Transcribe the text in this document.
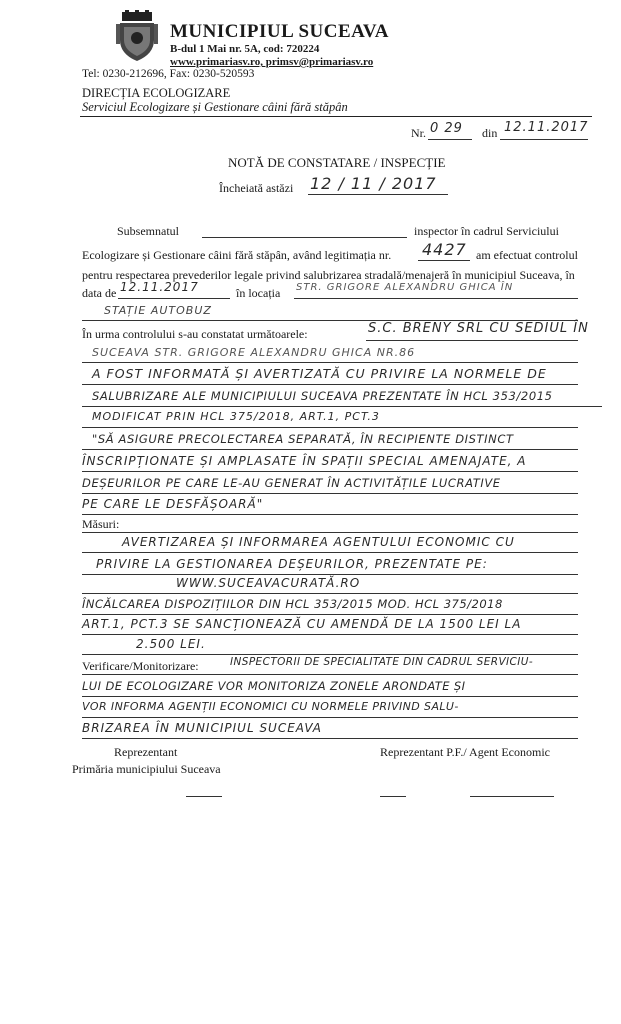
MUNICIPIUL SUCEAVA
B-dul 1 Mai nr. 5A, cod: 720224
www.primariasv.ro, primsv@primariasv.ro
Tel: 0230-212696, Fax: 0230-520593
DIRECȚIA ECOLOGIZARE
Serviciul Ecologizare și Gestionare câini fără stăpân
Nr. 0 29 din 12.11.2017
NOTĂ DE CONSTATARE / INSPECȚIE
Încheiată astăzi 12 / 11 / 2017
Subsemnatul	inspector în cadrul Serviciului
Ecologizare și Gestionare câini fără stăpân, având legitimația nr. 4427 am efectuat controlul
pentru respectarea prevederilor legale privind salubrizarea stradală/menajeră în municipiul Suceava, în
data de 12.11.2017	în locația STR. GRIGORE ALEXANDRU GHICA ÎN
STAȚIE AUTOBUZ
În urma controlului s-au constatat următoarele:	S.C. BRENY SRL CU SEDIUL ÎN
SUCEAVA STR. GRIGORE ALEXANDRU GHICA NR.86
A FOST INFORMATĂ ȘI AVERTIZATĂ CU PRIVIRE LA NORMELE DE
SALUBRIZARE ALE MUNICIPIULUI SUCEAVA PREZENTATE ÎN HCL 353/2015
MODIFICAT PRIN HCL 375/2018, ART.1, PCT.3
"SĂ ASIGURE PRECOLECTAREA SEPARATĂ, ÎN RECIPIENTE DISTINCT
ÎNSCRIPȚIONATE ȘI AMPLASATE ÎN SPAȚII SPECIAL AMENAJATE, A
DEȘEURILOR PE CARE LE-AU GENERAT ÎN ACTIVITĂȚILE LUCRATIVE
PE CARE LE DESFĂȘOARĂ"
Măsuri:
AVERTIZAREA ȘI INFORMAREA AGENTULUI ECONOMIC CU
PRIVIRE LA GESTIONAREA DEȘEURILOR, PREZENTATE PE:
WWW.SUCEAVACURATĂ.RO
ÎNCĂLCAREA DISPOZIȚIILOR DIN HCL 353/2015 MOD. HCL 375/2018
ART.1, PCT.3 SE SANCȚIONEAZĂ CU AMENDĂ DE LA 1500 LEI LA
2.500 LEI.
Verificare/Monitorizare:	INSPECTORII DE SPECIALITATE DIN CADRUL SERVICIU-
LUI DE ECOLOGIZARE VOR MONITORIZA ZONELE ARONDATE ȘI
VOR INFORMA AGENȚII ECONOMICI CU NORMELE PRIVIND SALU-
BRIZAREA ÎN MUNICIPIUL SUCEAVA
Reprezentant
Primăria municipiului Suceava
Reprezentant P.F./ Agent Economic
